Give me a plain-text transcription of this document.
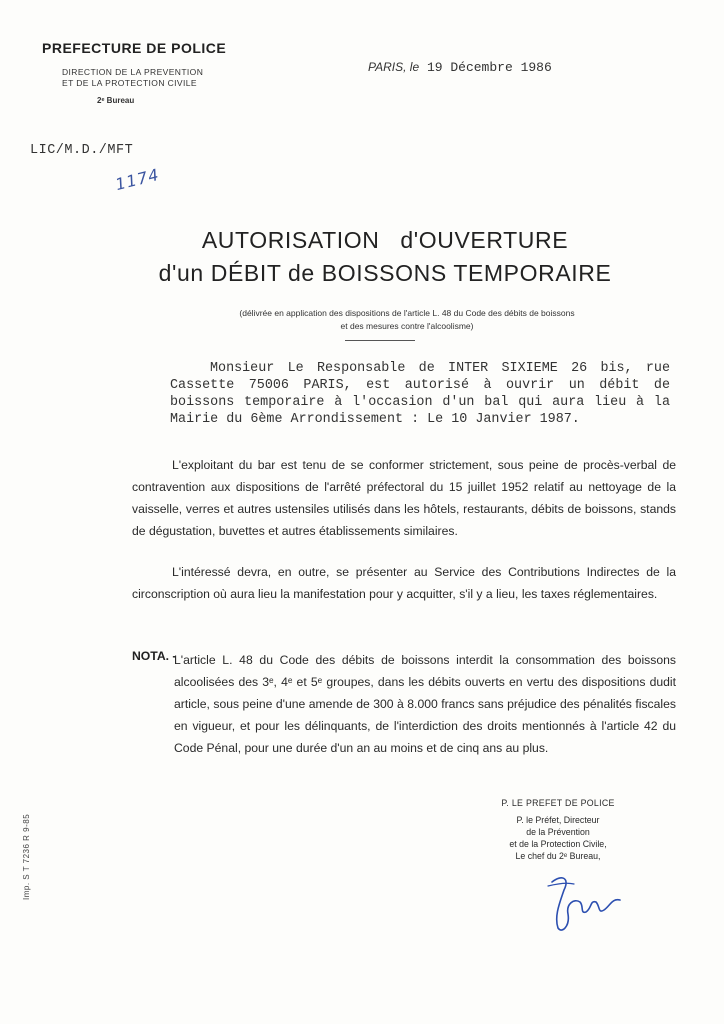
PREFECTURE DE POLICE
DIRECTION DE LA PREVENTION
ET DE LA PROTECTION CIVILE
2ᵉ Bureau
PARIS, le 19 Décembre 1986
LIC/M.D./MFT
1174
AUTORISATION   d'OUVERTURE
d'un DÉBIT de BOISSONS TEMPORAIRE
(délivrée en application des dispositions de l'article L. 48 du Code des débits de boissons
et des mesures contre l'alcoolisme)
Monsieur Le Responsable de INTER SIXIEME 26 bis, rue Cassette 75006 PARIS, est autorisé à ouvrir un débit de boissons temporaire à l'occasion d'un bal qui aura lieu à la Mairie du 6ème Arrondissement : Le 10 Janvier 1987.
L'exploitant du bar est tenu de se conformer strictement, sous peine de procès-verbal de contravention aux dispositions de l'arrêté préfectoral du 15 juillet 1952 relatif au nettoyage de la vaisselle, verres et autres ustensiles utilisés dans les hôtels, restaurants, débits de boissons, stands de dégustation, buvettes et autres établissements similaires.
L'intéressé devra, en outre, se présenter au Service des Contributions Indirectes de la circonscription où aura lieu la manifestation pour y acquitter, s'il y a lieu, les taxes réglementaires.
NOTA. -
L'article L. 48 du Code des débits de boissons interdit la consommation des boissons alcoolisées des 3ᵉ, 4ᵉ et 5ᵉ groupes, dans les débits ouverts en vertu des dispositions dudit article, sous peine d'une amende de 300 à 8.000 francs sans préjudice des pénalités fiscales en vigueur, et pour les délinquants, de l'interdiction des droits mentionnés à l'article 42 du Code Pénal, pour une durée d'un an au moins et de cinq ans au plus.
P. LE PREFET DE POLICE
P. le Préfet, Directeur
de la Prévention
et de la Protection Civile,
Le chef du 2ᵉ Bureau,
Imp. S T 7236 R 9-85
